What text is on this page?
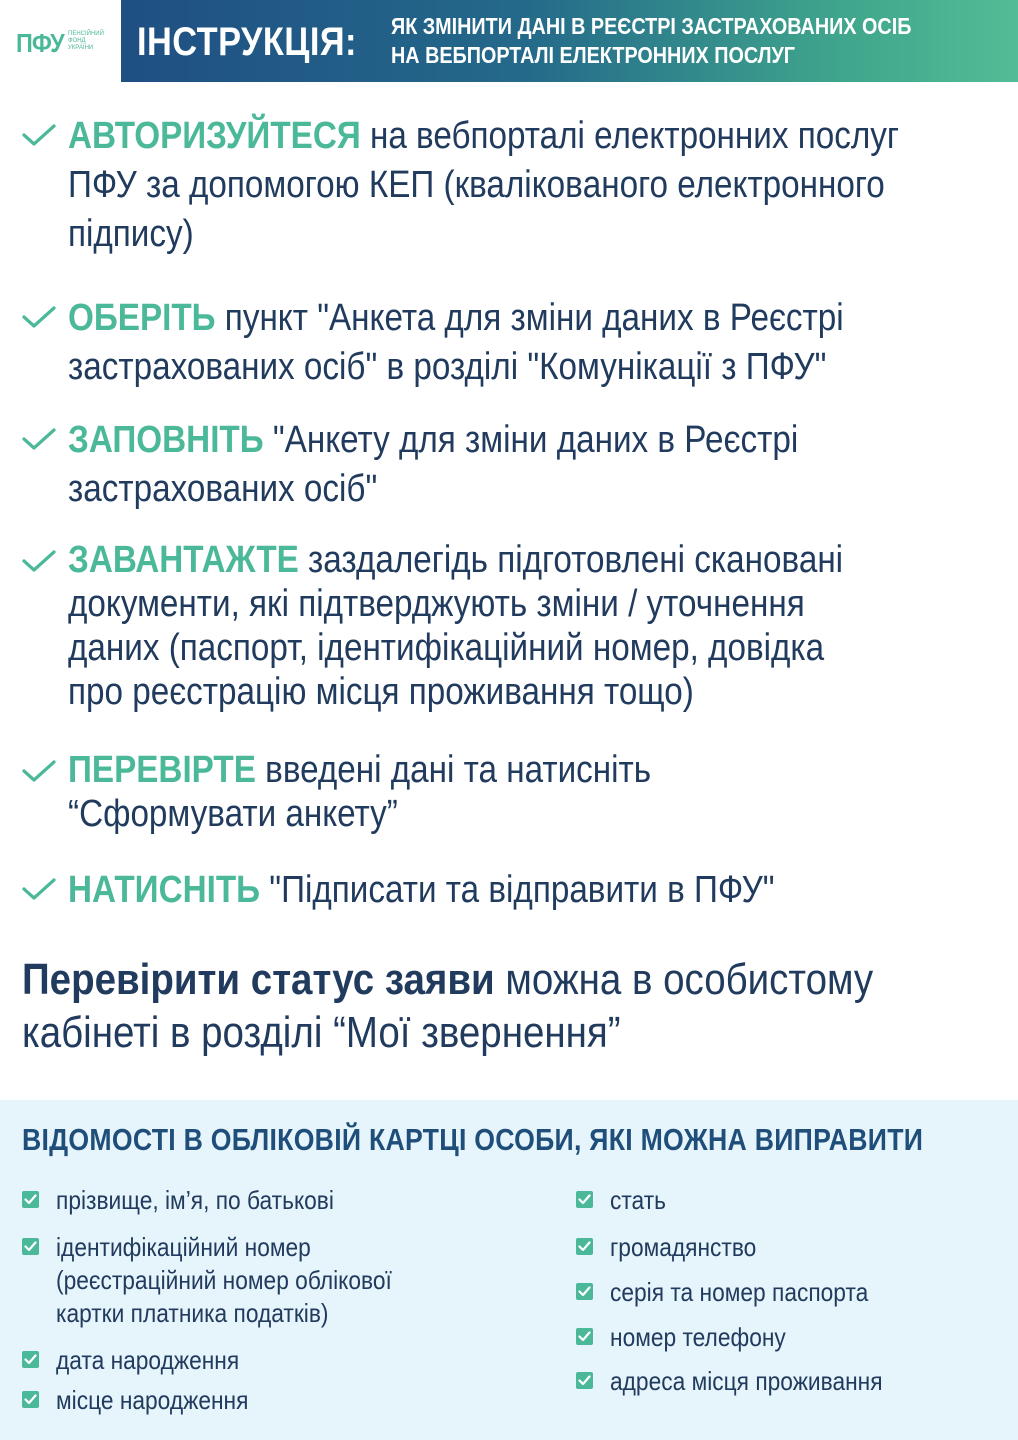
ПФУ ПЕНСІЙНИЙ
ФОНД
УКРАЇНИ	ІНСТРУКЦІЯ: ЯК ЗМІНИТИ ДАНІ В РЕЄСТРІ ЗАСТРАХОВАНИХ ОСІБ
НА ВЕБПОРТАЛІ ЕЛЕКТРОННИХ ПОСЛУГ
АВТОРИЗУЙТЕСЯ на вебпорталі електронних послуг
ПФУ за допомогою КЕП (кваліковaного електронного
підпису)
ОБЕРІТЬ пункт "Анкета для зміни даних в Реєстрі
застрахованих осіб" в розділі "Комунікації з ПФУ"
ЗАПОВНІТЬ "Анкету для зміни даних в Реєстрі
застрахованих осіб"
ЗАВАНТАЖТЕ заздалегідь підготовлені скановані
документи, які підтверджують зміни / уточнення
даних (паспорт, ідентифікаційний номер, довідка
про реєстрацію місця проживання тощо)
ПЕРЕВІРТЕ введені дані та натисніть
“Сформувати анкету”
НАТИСНІТЬ "Підписати та відправити в ПФУ"
Перевірити статус заяви можна в особистому
кабінеті в розділі “Мої звернення”
ВІДОМОСТІ В ОБЛІКОВІЙ КАРТЦІ ОСОБИ, ЯКІ МОЖНА ВИПРАВИТИ
прізвище, ім’я, по батькові
ідентифікаційний номер
(реєстраційний номер облікової
картки платника податків)
дата народження
місце народження
стать
громадянство
серія та номер паспорта
номер телефону
адреса місця проживання
